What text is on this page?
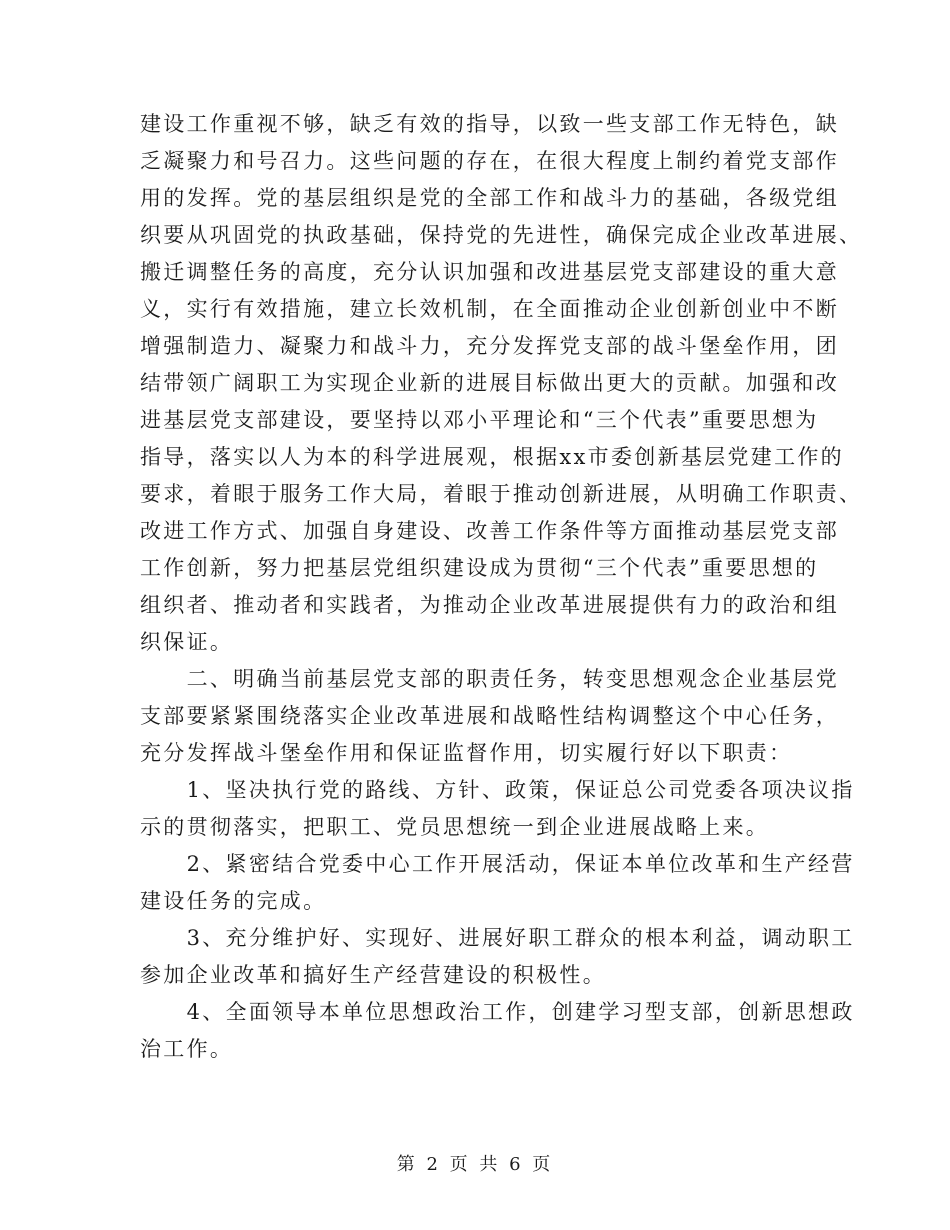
建设工作重视不够，缺乏有效的指导，以致一些支部工作无特色，缺
乏凝聚力和号召力。这些问题的存在，在很大程度上制约着党支部作
用的发挥。党的基层组织是党的全部工作和战斗力的基础，各级党组
织要从巩固党的执政基础，保持党的先进性，确保完成企业改革进展、
搬迁调整任务的高度，充分认识加强和改进基层党支部建设的重大意
义，实行有效措施，建立长效机制，在全面推动企业创新创业中不断
增强制造力、凝聚力和战斗力，充分发挥党支部的战斗堡垒作用，团
结带领广阔职工为实现企业新的进展目标做出更大的贡献。加强和改
进基层党支部建设，要坚持以邓小平理论和“三个代表”重要思想为
指导，落实以人为本的科学进展观，根据xx市委创新基层党建工作的
要求，着眼于服务工作大局，着眼于推动创新进展，从明确工作职责、
改进工作方式、加强自身建设、改善工作条件等方面推动基层党支部
工作创新，努力把基层党组织建设成为贯彻“三个代表”重要思想的
组织者、推动者和实践者，为推动企业改革进展提供有力的政治和组
织保证。
　　二、明确当前基层党支部的职责任务，转变思想观念企业基层党
支部要紧紧围绕落实企业改革进展和战略性结构调整这个中心任务，
充分发挥战斗堡垒作用和保证监督作用，切实履行好以下职责：
　　1、坚决执行党的路线、方针、政策，保证总公司党委各项决议指
示的贯彻落实，把职工、党员思想统一到企业进展战略上来。
　　2、紧密结合党委中心工作开展活动，保证本单位改革和生产经营
建设任务的完成。
　　3、充分维护好、实现好、进展好职工群众的根本利益，调动职工
参加企业改革和搞好生产经营建设的积极性。
　　4、全面领导本单位思想政治工作，创建学习型支部，创新思想政
治工作。
第 2 页 共 6 页
